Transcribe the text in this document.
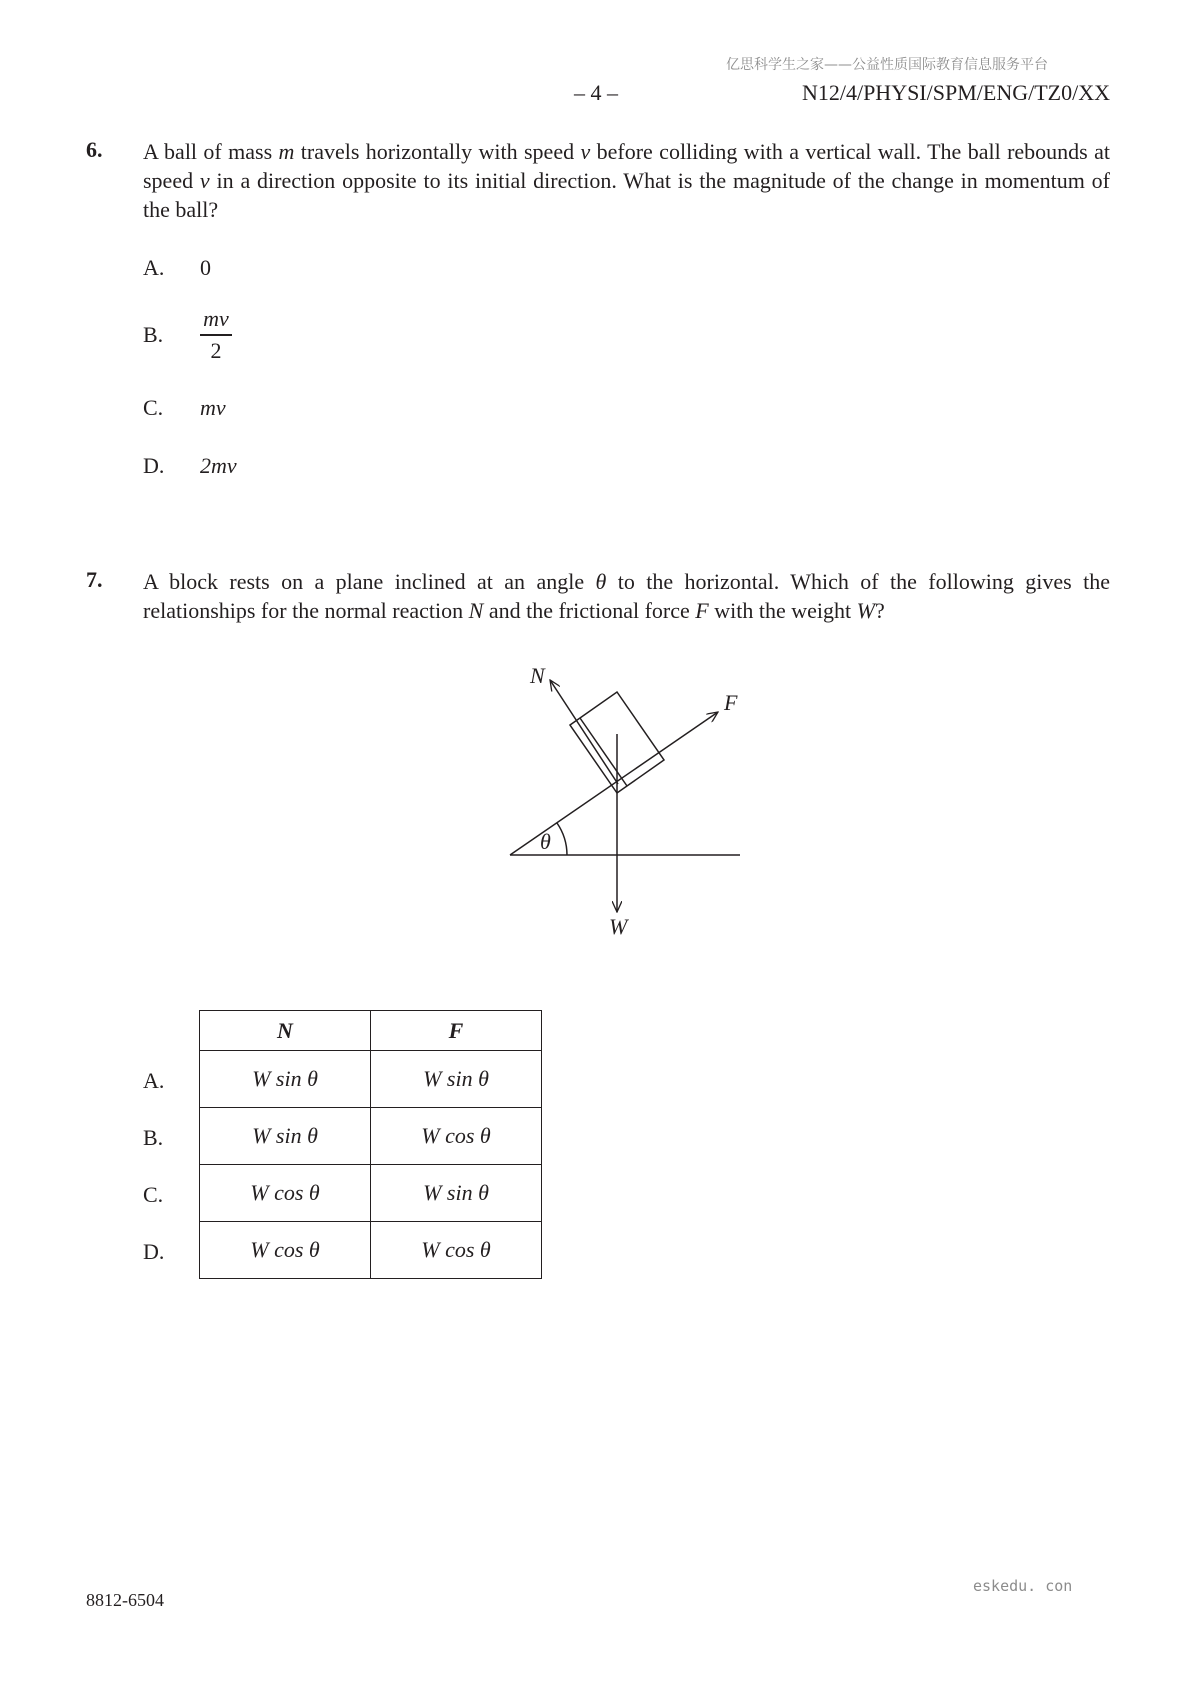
亿思科学生之家——公益性质国际教育信息服务平台
– 4 –	N12/4/PHYSI/SPM/ENG/TZ0/XX
6. A ball of mass m travels horizontally with speed v before colliding with a vertical wall. The ball rebounds at speed v in a direction opposite to its initial direction. What is the magnitude of the change in momentum of the ball?
A. 0
B.
mv
2
C. mv
D. 2mv
7. A block rests on a plane inclined at an angle θ to the horizontal. Which of the following gives the relationships for the normal reaction N and the frictional force F with the weight W?
N
F
W
θ
A.
B.
C.
D.
N	F
W sin θ	W sin θ
W sin θ	W cos θ
W cos θ	W sin θ
W cos θ	W cos θ
8812-6504
eskedu. con
